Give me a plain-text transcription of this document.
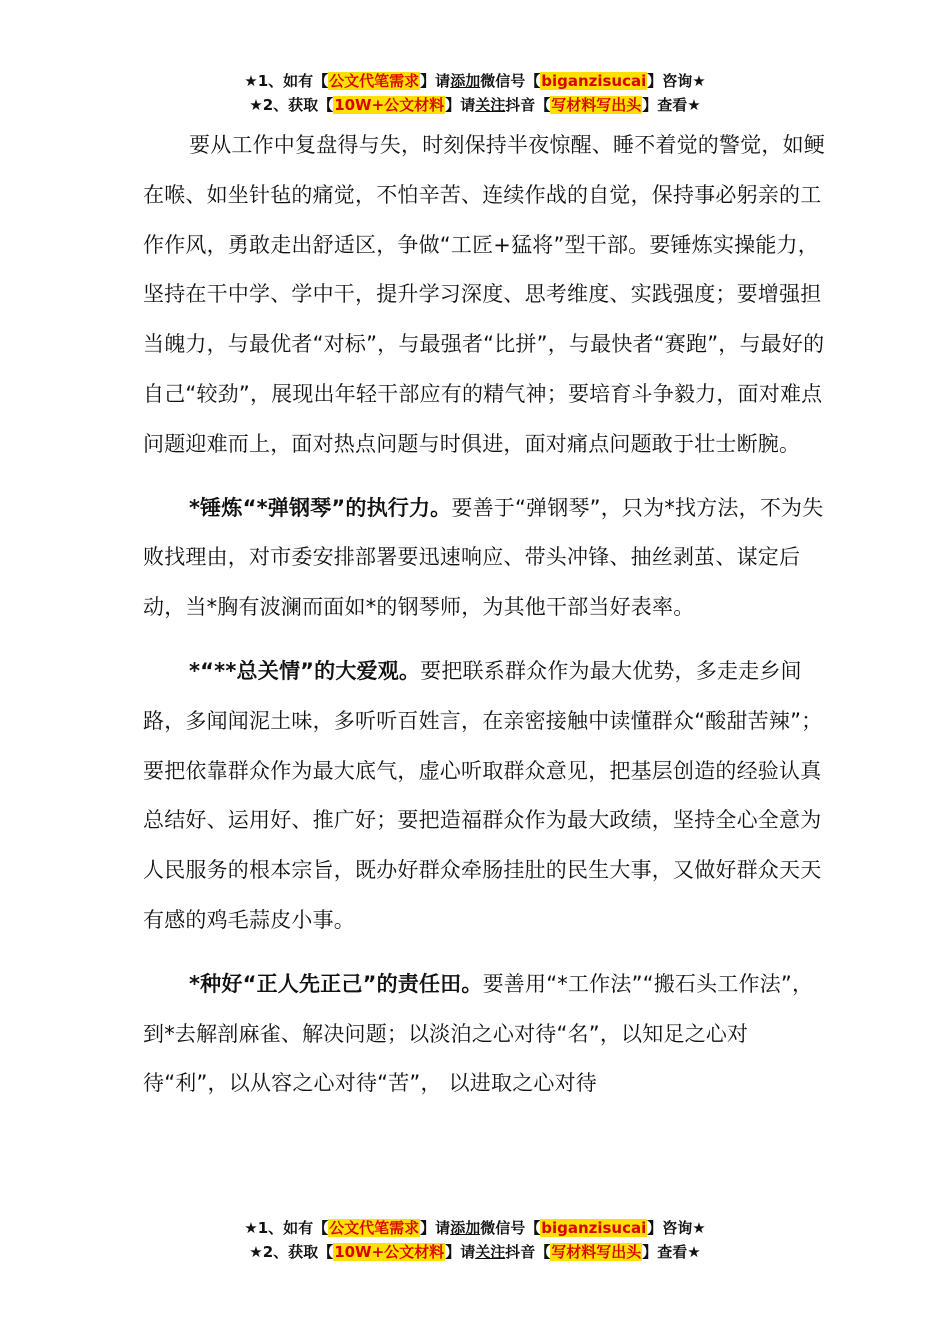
★1、如有【公文代笔需求】请添加微信号【biganzisucai】咨询★
★2、获取【10W+公文材料】请关注抖音【写材料写出头】查看★

要从工作中复盘得与失，时刻保持半夜惊醒、睡不着觉的警觉，如鲠在喉、如坐针毡的痛觉，不怕辛苦、连续作战的自觉，保持事必躬亲的工作作风，勇敢走出舒适区，争做“工匠+猛将”型干部。要锤炼实操能力，坚持在干中学、学中干，提升学习深度、思考维度、实践强度；要增强担当魄力，与最优者“对标”，与最强者“比拼”，与最快者“赛跑”，与最好的自己“较劲”，展现出年轻干部应有的精气神；要培育斗争毅力，面对难点问题迎难而上，面对热点问题与时俱进，面对痛点问题敢于壮士断腕。

*锤炼“*弹钢琴”的执行力。要善于“弹钢琴”，只为*找方法，不为失败找理由，对市委安排部署要迅速响应、带头冲锋、抽丝剥茧、谋定后动，当*胸有波澜而面如*的钢琴师，为其他干部当好表率。

*“**总关情”的大爱观。要把联系群众作为最大优势，多走走乡间路，多闻闻泥土味，多听听百姓言，在亲密接触中读懂群众“酸甜苦辣”；要把依靠群众作为最大底气，虚心听取群众意见，把基层创造的经验认真总结好、运用好、推广好；要把造福群众作为最大政绩，坚持全心全意为人民服务的根本宗旨，既办好群众牵肠挂肚的民生大事，又做好群众天天有感的鸡毛蒜皮小事。

*种好“正人先正己”的责任田。要善用“*工作法”“搬石头工作法”，到*去解剖麻雀、解决问题；以淡泊之心对待“名”，以知足之心对待“利”，以从容之心对待“苦”， 以进取之心对待

★1、如有【公文代笔需求】请添加微信号【biganzisucai】咨询★
★2、获取【10W+公文材料】请关注抖音【写材料写出头】查看★
